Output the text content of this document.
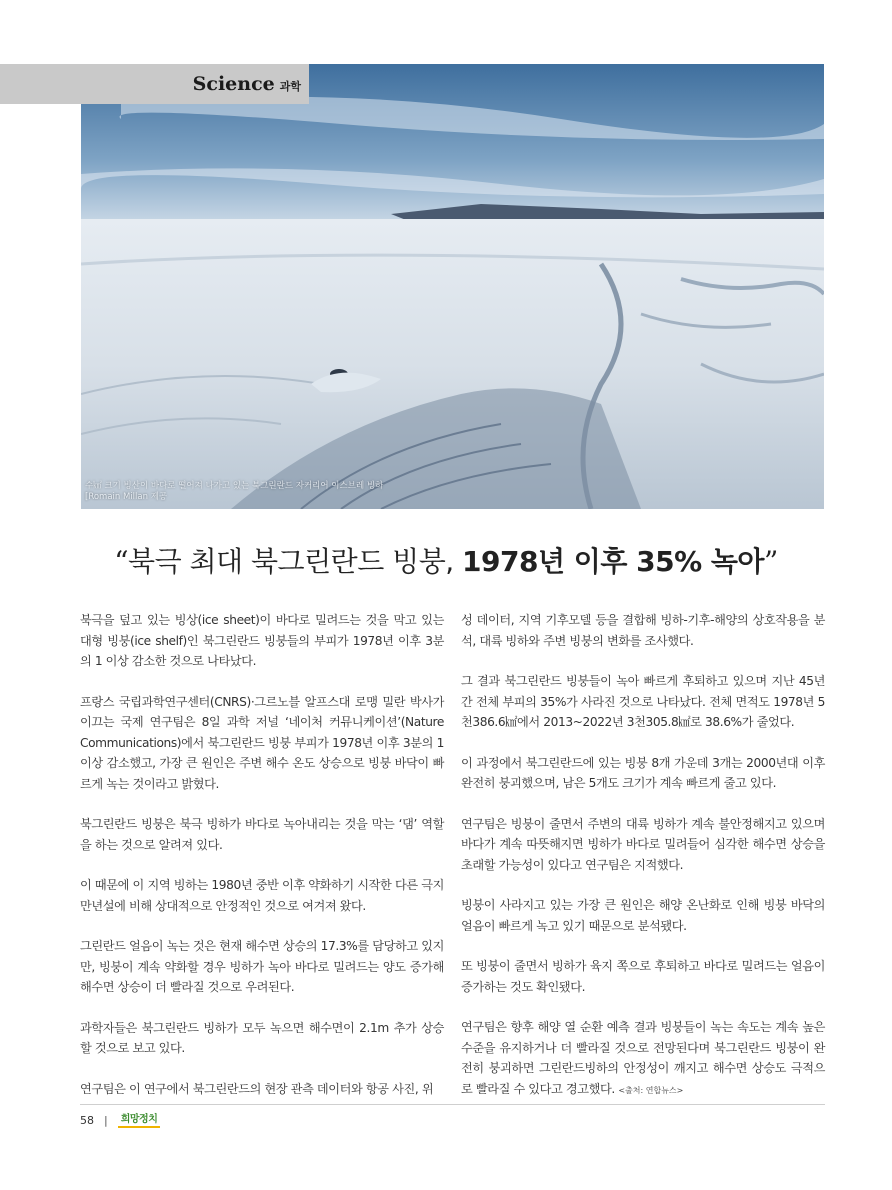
Science 과학
수㎢ 크기 빙산이 바다로 떨어져 나가고 있는 북그린란드 자커리어 이스브레 빙하
[Romain Millan 제공
“북극 최대 북그린란드 빙붕, 1978년 이후 35% 녹아”

북극을 덮고 있는 빙상(ice sheet)이 바다로 밀려드는 것을 막고 있는 대형 빙붕(ice shelf)인 북그린란드 빙붕들의 부피가 1978년 이후 3분의 1 이상 감소한 것으로 나타났다.

프랑스 국립과학연구센터(CNRS)·그르노블 알프스대 로맹 밀란 박사가 이끄는 국제 연구팀은 8일 과학 저널 ‘네이처 커뮤니케이션’(Nature Communications)에서 북그린란드 빙붕 부피가 1978년 이후 3분의 1 이상 감소했고, 가장 큰 원인은 주변 해수 온도 상승으로 빙붕 바닥이 빠르게 녹는 것이라고 밝혔다.

북그린란드 빙붕은 북극 빙하가 바다로 녹아내리는 것을 막는 ‘댐’ 역할을 하는 것으로 알려져 있다.

이 때문에 이 지역 빙하는 1980년 중반 이후 약화하기 시작한 다른 극지 만년설에 비해 상대적으로 안정적인 것으로 여겨져 왔다.

그린란드 얼음이 녹는 것은 현재 해수면 상승의 17.3%를 담당하고 있지만, 빙붕이 계속 약화할 경우 빙하가 녹아 바다로 밀려드는 양도 증가해 해수면 상승이 더 빨라질 것으로 우려된다.

과학자들은 북그린란드 빙하가 모두 녹으면 해수면이 2.1m 추가 상승할 것으로 보고 있다.

연구팀은 이 연구에서 북그린란드의 현장 관측 데이터와 항공 사진, 위

성 데이터, 지역 기후모델 등을 결합해 빙하-기후-해양의 상호작용을 분석, 대륙 빙하와 주변 빙붕의 변화를 조사했다.

그 결과 북그린란드 빙붕들이 녹아 빠르게 후퇴하고 있으며 지난 45년간 전체 부피의 35%가 사라진 것으로 나타났다. 전체 면적도 1978년 5천386.6㎢에서 2013~2022년 3천305.8㎢로 38.6%가 줄었다.

이 과정에서 북그린란드에 있는 빙붕 8개 가운데 3개는 2000년대 이후 완전히 붕괴했으며, 남은 5개도 크기가 계속 빠르게 줄고 있다.

연구팀은 빙붕이 줄면서 주변의 대륙 빙하가 계속 불안정해지고 있으며 바다가 계속 따뜻해지면 빙하가 바다로 밀려들어 심각한 해수면 상승을 초래할 가능성이 있다고 연구팀은 지적했다.

빙붕이 사라지고 있는 가장 큰 원인은 해양 온난화로 인해 빙붕 바닥의 얼음이 빠르게 녹고 있기 때문으로 분석됐다.

또 빙붕이 줄면서 빙하가 육지 쪽으로 후퇴하고 바다로 밀려드는 얼음이 증가하는 것도 확인됐다.

연구팀은 향후 해양 열 순환 예측 결과 빙붕들이 녹는 속도는 계속 높은 수준을 유지하거나 더 빨라질 것으로 전망된다며 북그린란드 빙붕이 완전히 붕괴하면 그린란드빙하의 안정성이 깨지고 해수면 상승도 극적으로 빨라질 수 있다고 경고했다. <출처: 연합뉴스>

58 |	희망정치
